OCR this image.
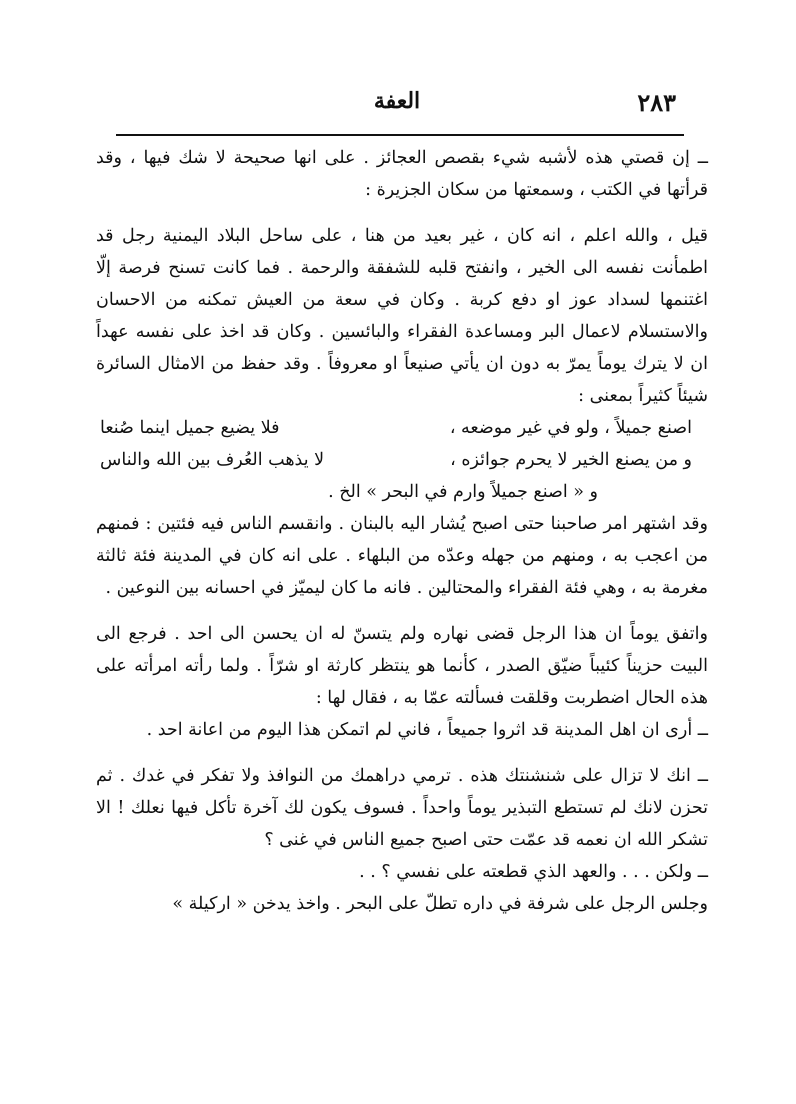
٢٨٣
العفة

ــ إن قصتي هذه لأشبه شيء بقصص العجائز . على انها صحيحة لا شك فيها ، وقد قرأتها في الكتب ، وسمعتها من سكان الجزيرة :

قيل ، والله اعلم ، انه كان ، غير بعيد من هنا ، على ساحل البلاد اليمنية رجل قد اطمأنت نفسه الى الخير ، وانفتح قلبه للشفقة والرحمة . فما كانت تسنح فرصة إلّا اغتنمها لسداد عوز او دفع كربة . وكان في سعة من العيش تمكنه من الاحسان والاستسلام لاعمال البر ومساعدة الفقراء والبائسين . وكان قد اخذ على نفسه عهداً ان لا يترك يوماً يمرّ به دون ان يأتي صنيعاً او معروفاً . وقد حفظ من الامثال السائرة شيئاً كثيراً بمعنى :

اصنع جميلاً ، ولو في غير موضعه ،
فلا يضيع جميل اينما صُنعا
و من يصنع الخير لا يحرم جوائزه ،
لا يذهب العُرف بين الله والناس

و « اصنع جميلاً وارم في البحر » الخ .

وقد اشتهر امر صاحبنا حتى اصبح يُشار اليه بالبنان . وانقسم الناس فيه فئتين : فمنهم من اعجب به ، ومنهم من جهله وعدّه من البلهاء . على انه كان في المدينة فئة ثالثة مغرمة به ، وهي فئة الفقراء والمحتالين . فانه ما كان ليميّز في احسانه بين النوعين .

واتفق يوماً ان هذا الرجل قضى نهاره ولم يتسنّ له ان يحسن الى احد . فرجع الى البيت حزيناً كئيباً ضيّق الصدر ، كأنما هو ينتظر كارثة او شرّاً . ولما رأته امرأته على هذه الحال اضطربت وقلقت فسألته عمّا به ، فقال لها :

ــ أرى ان اهل المدينة قد اثروا جميعاً ، فاني لم اتمكن هذا اليوم من اعانة احد .

ــ انك لا تزال على شنشنتك هذه . ترمي دراهمك من النوافذ ولا تفكر في غدك . ثم تحزن لانك لم تستطع التبذير يوماً واحداً . فسوف يكون لك آخرة تأكل فيها نعلك ! الا تشكر الله ان نعمه قد عمّت حتى اصبح جميع الناس في غنى ؟

ــ ولكن . . . والعهد الذي قطعته على نفسي ؟ . .

وجلس الرجل على شرفة في داره تطلّ على البحر . واخذ يدخن « اركيلة »
